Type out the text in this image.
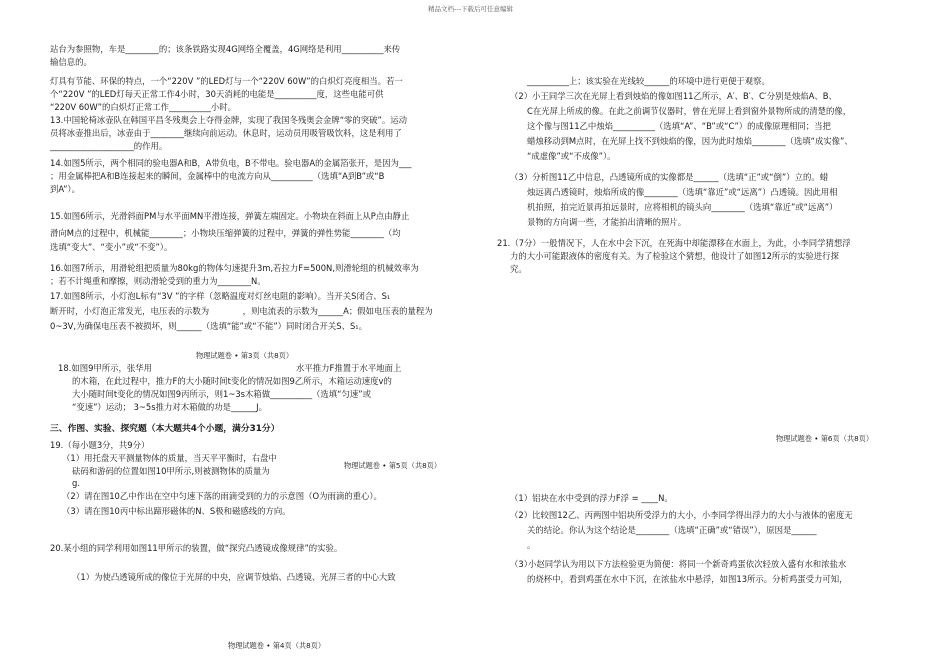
精品文档---下载后可任意编辑
站台为参照物，车是________的；该条铁路实现4G网络全覆盖，4G网络是利用__________来传
输信息的。
灯具有节能、环保的特点，一个“220V ”的LED灯与一个“220V 60W”的白炽灯亮度相当。若一
个“220V ”的LED灯每天正常工作4小时，30天消耗的电能是__________度，这些电能可供
“220V 60W”的白炽灯正常工作__________小时。
13.中国轮椅冰壶队在韩国平昌冬残奥会上夺得金牌，实现了我国冬残奥会金牌“零的突破”。运动
员将冰壶推出后，冰壶由于________继续向前运动。休息时，运动员用吸管吸饮料，这是利用了
____________________的作用。
14.如图5所示，两个相同的验电器A和B，A带负电，B不带电。验电器A的金属箔张开，是因为___
；用金属棒把A和B连接起来的瞬间，金属棒中的电流方向从__________（选填“A到B”或“B
到A”）。
15.如图6所示，光滑斜面PM与水平面MN平滑连接，弹簧左端固定。小物块在斜面上从P点由静止
滑向M点的过程中，机械能________；小物块压缩弹簧的过程中，弹簧的弹性势能________（均
选填“变大”、“变小”或“不变”）。
16.如图7所示，用滑轮组把质量为80kg的物体匀速提升3m,若拉力F=500N,则滑轮组的机械效率为
；若不计绳重和摩擦，则动滑轮受到的重力为________N。
17.如图8所示，小灯泡L标有“3V ”的字样（忽略温度对灯丝电阻的影响）。当开关S闭合、S₁
断开时，小灯泡正常发光，电压表的示数为　　　　，则电流表的示数为______A；假如电压表的量程为
0~3V,为确保电压表不被损坏，则______（选填“能”或“不能”）同时闭合开关S、S₁。
物理试题卷 • 第3页（共8页）
18.如图9甲所示，张华用	水平推力F推置于水平地面上
的木箱，在此过程中，推力F的大小随时间t变化的情况如图9乙所示，木箱运动速度v的
大小随时间t变化的情况如图9丙所示，则1~3s木箱做__________（选填“匀速”或
“变速”）运动； 3~5s推力对木箱做的功是______J。
三、作图、实验、探究题（本大题共4个小题，满分31分）
19.（每小题3分，共9分）
（1）用托盘天平测量物体的质量，当天平平衡时，右盘中
砝码和游码的位置如图10甲所示,则被测物体的质量为
g.
（2）请在图10乙中作出在空中匀速下落的雨滴受到的力的示意图（O为雨滴的重心）。
（3）请在图10丙中标出蹄形磁体的N、S极和磁感线的方向。
物理试题卷 • 第5页（共8页）
20.某小组的同学利用如图11甲所示的装置，做“探究凸透镜成像规律”的实验。
（1）为使凸透镜所成的像位于光屏的中央，应调节烛焰、凸透镜、光屏三者的中心大致
物理试题卷 • 第4页（共8页）
__________上；该实验在光线较______的环境中进行更便于观察。
（2）小王同学三次在光屏上看到烛焰的像如图11乙所示，A′、B′、C′分别是烛焰A、B、
C在光屏上所成的像。在此之前调节仪器时，曾在光屏上看到窗外景物所成的清楚的像，
这个像与图11乙中烛焰__________（选填“A”、“B”或“C”）的成像原理相同；当把
蜡烛移动到M点时，在光屏上找不到烛焰的像，因为此时烛焰________（选填“成实像”、
“成虚像”或“不成像”）。
（3）分析图11乙中信息，凸透镜所成的实像都是______（选填“正”或“倒”）立的。蜡
烛远离凸透镜时，烛焰所成的像________（选填“靠近”或“远离”）凸透镜。因此用相
机拍照，拍完近景再拍远景时，应将相机的镜头向________（选填“靠近”或“远离”）
景物的方向调一些，才能拍出清晰的照片。
21.（7分）一般情况下，人在水中会下沉，在死海中却能漂移在水面上，为此，小李同学猜想浮
力的大小可能跟液体的密度有关。为了检验这个猜想，他设计了如图12所示的实验进行探
究。
物理试题卷 • 第6页（共8页）
（1）铝块在水中受到的浮力F浮 = ____N。
（2）比较图12乙、丙两图中铝块所受浮力的大小，小李同学得出浮力的大小与液体的密度无
关的结论。你认为这个结论是________（选填“正确”或“错误”），原因是______
。
（3）
小赵同学认为用以下方法检验更为简便：将同一个新奇鸡蛋依次轻放入盛有水和浓盐水
的烧杯中，看到鸡蛋在水中下沉，在浓盐水中悬浮，如图13所示。分析鸡蛋受力可知，
